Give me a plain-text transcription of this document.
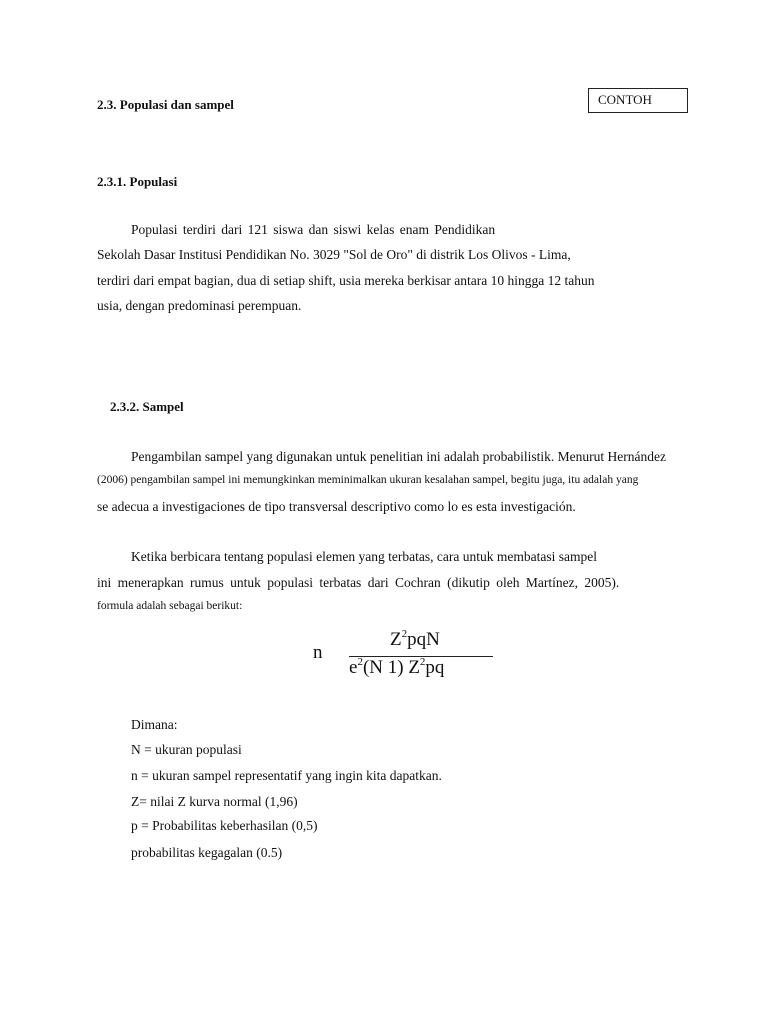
CONTOH
2.3. Populasi dan sampel
2.3.1. Populasi
Populasi terdiri dari 121 siswa dan siswi kelas enam Pendidikan
Sekolah Dasar Institusi Pendidikan No. 3029 "Sol de Oro" di distrik Los Olivos - Lima,
terdiri dari empat bagian, dua di setiap shift, usia mereka berkisar antara 10 hingga 12 tahun
usia, dengan predominasi perempuan.
2.3.2. Sampel
Pengambilan sampel yang digunakan untuk penelitian ini adalah probabilistik. Menurut Hernández
(2006) pengambilan sampel ini memungkinkan meminimalkan ukuran kesalahan sampel, begitu juga, itu adalah yang
se adecua a investigaciones de tipo transversal descriptivo como lo es esta investigación.
Ketika berbicara tentang populasi elemen yang terbatas, cara untuk membatasi sampel
ini menerapkan rumus untuk populasi terbatas dari Cochran (dikutip oleh Martínez, 2005).
formula adalah sebagai berikut:
n
$Z^2pqN$
$e^2(N$ 1) $Z^2pq$
Dimana:
N = ukuran populasi
n = ukuran sampel representatif yang ingin kita dapatkan.
Z= nilai Z kurva normal (1,96)
p = Probabilitas keberhasilan (0,5)
probabilitas kegagalan (0.5)
